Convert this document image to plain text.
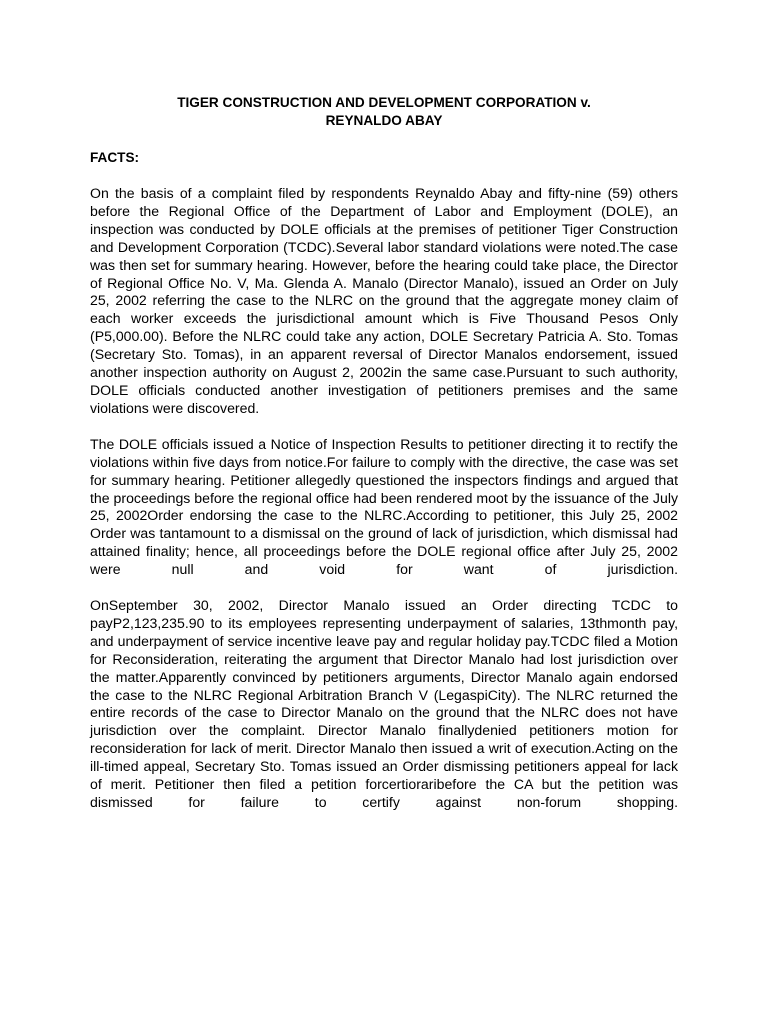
TIGER CONSTRUCTION AND DEVELOPMENT CORPORATION v.
REYNALDO ABAY

FACTS:

On the basis of a complaint filed by respondents Reynaldo Abay and fifty-nine (59) others before the Regional Office of the Department of Labor and Employment (DOLE), an inspection was conducted by DOLE officials at the premises of petitioner Tiger Construction and Development Corporation (TCDC).Several labor standard violations were noted.The case was then set for summary hearing. However, before the hearing could take place, the Director of Regional Office No. V, Ma. Glenda A. Manalo (Director Manalo), issued an Order on July 25, 2002 referring the case to the NLRC on the ground that the aggregate money claim of each worker exceeds the jurisdictional amount which is Five Thousand Pesos Only (P5,000.00). Before the NLRC could take any action, DOLE Secretary Patricia A. Sto. Tomas (Secretary Sto. Tomas), in an apparent reversal of Director Manalos endorsement, issued another inspection authority on August 2, 2002in the same case.Pursuant to such authority, DOLE officials conducted another investigation of petitioners premises and the same violations were discovered.

The DOLE officials issued a Notice of Inspection Results to petitioner directing it to rectify the violations within five days from notice.For failure to comply with the directive, the case was set for summary hearing. Petitioner allegedly questioned the inspectors findings and argued that the proceedings before the regional office had been rendered moot by the issuance of the July 25, 2002Order endorsing the case to the NLRC.According to petitioner, this July 25, 2002 Order was tantamount to a dismissal on the ground of lack of jurisdiction, which dismissal had attained finality; hence, all proceedings before the DOLE regional office after July 25, 2002 were null and void for want of jurisdiction.

OnSeptember 30, 2002, Director Manalo issued an Order directing TCDC to payP2,123,235.90 to its employees representing underpayment of salaries, 13thmonth pay, and underpayment of service incentive leave pay and regular holiday pay.TCDC filed a Motion for Reconsideration, reiterating the argument that Director Manalo had lost jurisdiction over the matter.Apparently convinced by petitioners arguments, Director Manalo again endorsed the case to the NLRC Regional Arbitration Branch V (LegaspiCity). The NLRC returned the entire records of the case to Director Manalo on the ground that the NLRC does not have jurisdiction over the complaint. Director Manalo finallydenied petitioners motion for reconsideration for lack of merit. Director Manalo then issued a writ of execution.Acting on the ill-timed appeal, Secretary Sto. Tomas issued an Order dismissing petitioners appeal for lack of merit. Petitioner then filed a petition forcertioraribefore the CA but the petition was dismissed for failure to certify against non-forum shopping.
